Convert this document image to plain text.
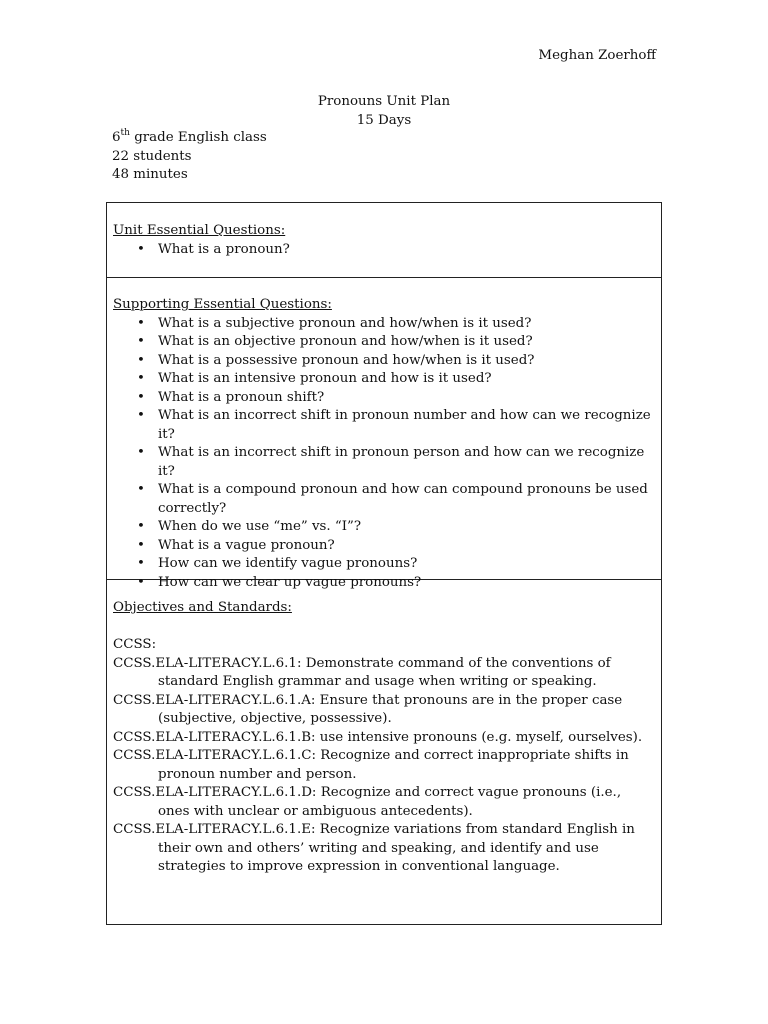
Meghan Zoerhoff
Pronouns Unit Plan
15 Days
6th grade English class
22 students
48 minutes
Unit Essential Questions:
• What is a pronoun?
Supporting Essential Questions:
• What is a subjective pronoun and how/when is it used?
• What is an objective pronoun and how/when is it used?
• What is a possessive pronoun and how/when is it used?
• What is an intensive pronoun and how is it used?
• What is a pronoun shift?
• What is an incorrect shift in pronoun number and how can we recognize it?
• What is an incorrect shift in pronoun person and how can we recognize it?
• What is a compound pronoun and how can compound pronouns be used correctly?
• When do we use “me” vs. “I”?
• What is a vague pronoun?
• How can we identify vague pronouns?
• How can we clear up vague pronouns?
Objectives and Standards:

CCSS:
CCSS.ELA-LITERACY.L.6.1: Demonstrate command of the conventions of standard English grammar and usage when writing or speaking.
CCSS.ELA-LITERACY.L.6.1.A: Ensure that pronouns are in the proper case (subjective, objective, possessive).
CCSS.ELA-LITERACY.L.6.1.B: use intensive pronouns (e.g. myself, ourselves).
CCSS.ELA-LITERACY.L.6.1.C: Recognize and correct inappropriate shifts in pronoun number and person.
CCSS.ELA-LITERACY.L.6.1.D: Recognize and correct vague pronouns (i.e., ones with unclear or ambiguous antecedents).
CCSS.ELA-LITERACY.L.6.1.E: Recognize variations from standard English in their own and others’ writing and speaking, and identify and use strategies to improve expression in conventional language.
